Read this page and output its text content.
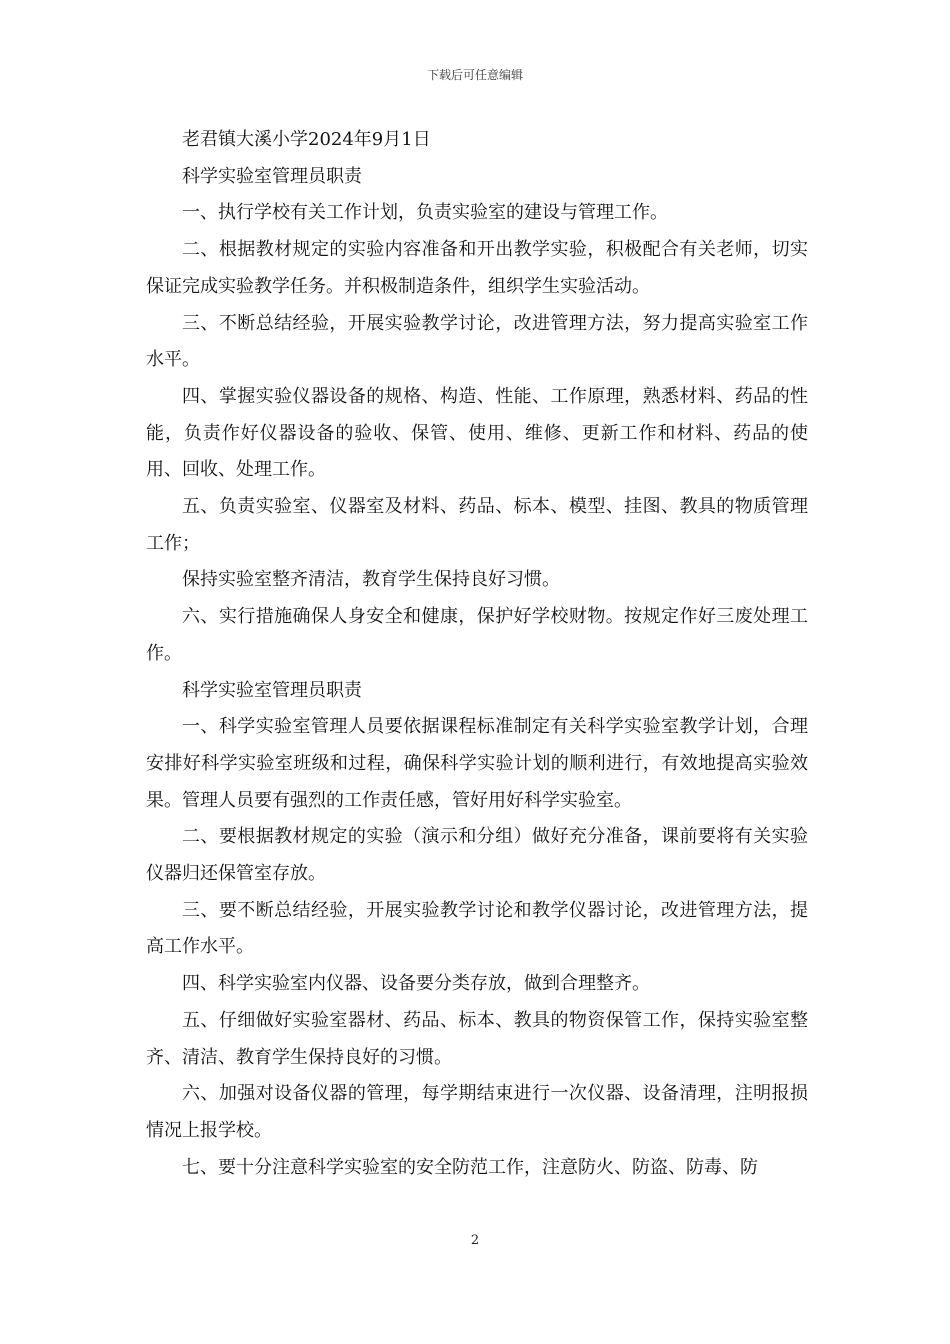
下载后可任意编辑

老君镇大溪小学2024年9月1日

科学实验室管理员职责

一、执行学校有关工作计划，负责实验室的建设与管理工作。

二、根据教材规定的实验内容准备和开出教学实验，积极配合有关老师，切实保证完成实验教学任务。并积极制造条件，组织学生实验活动。

三、不断总结经验，开展实验教学讨论，改进管理方法，努力提高实验室工作水平。

四、掌握实验仪器设备的规格、构造、性能、工作原理，熟悉材料、药品的性能，负责作好仪器设备的验收、保管、使用、维修、更新工作和材料、药品的使用、回收、处理工作。

五、负责实验室、仪器室及材料、药品、标本、模型、挂图、教具的物质管理工作；

保持实验室整齐清洁，教育学生保持良好习惯。

六、实行措施确保人身安全和健康，保护好学校财物。按规定作好三废处理工作。

科学实验室管理员职责

一、科学实验室管理人员要依据课程标准制定有关科学实验室教学计划，合理安排好科学实验室班级和过程，确保科学实验计划的顺利进行，有效地提高实验效果。管理人员要有强烈的工作责任感，管好用好科学实验室。

二、要根据教材规定的实验（演示和分组）做好充分准备，课前要将有关实验仪器归还保管室存放。

三、要不断总结经验，开展实验教学讨论和教学仪器讨论，改进管理方法，提高工作水平。

四、科学实验室内仪器、设备要分类存放，做到合理整齐。

五、仔细做好实验室器材、药品、标本、教具的物资保管工作，保持实验室整齐、清洁、教育学生保持良好的习惯。

六、加强对设备仪器的管理，每学期结束进行一次仪器、设备清理，注明报损情况上报学校。

七、要十分注意科学实验室的安全防范工作，注意防火、防盗、防毒、防

2
